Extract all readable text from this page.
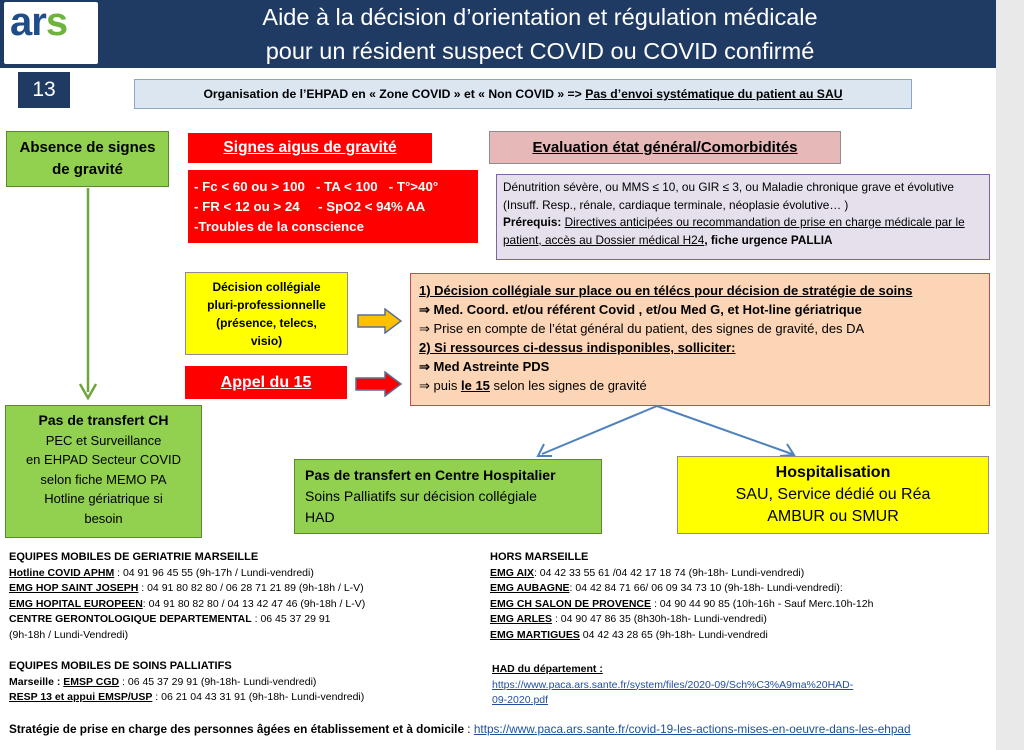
ars	Aide à la décision d’orientation et régulation médicale
pour un résident suspect COVID ou COVID confirmé
13	Organisation de l’EHPAD en « Zone COVID » et « Non COVID » => Pas d’envoi systématique du patient au SAU
Absence de signes
de gravité
Signes aigus de gravité
- Fc < 60 ou > 100   - TA < 100   - T°>40°
- FR < 12 ou > 24     - SpO2 < 94% AA
-Troubles de la conscience
Evaluation état général/Comorbidités
Dénutrition sévère, ou MMS ≤ 10, ou GIR ≤ 3, ou Maladie chronique grave et évolutive (Insuff. Resp., rénale, cardiaque terminale, néoplasie évolutive… )
Prérequis: Directives anticipées ou recommandation de prise en charge médicale par le patient, accès au Dossier médical H24, fiche urgence PALLIA
Décision collégiale
pluri-professionnelle
(présence, telecs,
visio)
Appel du 15
1) Décision collégiale sur place ou en télécs pour décision de stratégie de soins
⇒ Med. Coord. et/ou référent Covid , et/ou Med G, et Hot-line gériatrique
⇒ Prise en compte de l’état général du patient, des signes de gravité, des DA
2) Si ressources ci-dessus indisponibles, solliciter:
⇒ Med Astreinte PDS
⇒ puis le 15 selon les signes de gravité
Pas de transfert CH
PEC et Surveillance
en EHPAD Secteur COVID
selon fiche MEMO PA
Hotline gériatrique si
besoin
Pas de transfert en Centre Hospitalier
Soins Palliatifs sur décision collégiale
HAD
Hospitalisation
SAU, Service dédié ou Réa
AMBUR ou SMUR
EQUIPES MOBILES DE GERIATRIE MARSEILLE
Hotline COVID APHM : 04 91 96 45 55 (9h-17h / Lundi-vendredi)
EMG HOP SAINT JOSEPH : 04 91 80 82 80 / 06 28 71 21 89 (9h-18h / L-V)
EMG HOPITAL EUROPEEN: 04 91 80 82 80 / 04 13 42 47 46 (9h-18h / L-V)
CENTRE GERONTOLOGIQUE DEPARTEMENTAL : 06 45 37 29 91
(9h-18h / Lundi-Vendredi)
HORS MARSEILLE
EMG AIX: 04 42 33 55 61 /04 42 17 18 74 (9h-18h- Lundi-vendredi)
EMG AUBAGNE: 04 42 84 71 66/ 06 09 34 73 10 (9h-18h- Lundi-vendredi):
EMG CH SALON DE PROVENCE : 04 90 44 90 85 (10h-16h - Sauf Merc.10h-12h
EMG ARLES : 04 90 47 86 35 (8h30h-18h- Lundi-vendredi)
EMG MARTIGUES 04 42 43 28 65 (9h-18h- Lundi-vendredi
EQUIPES MOBILES DE SOINS PALLIATIFS
Marseille : EMSP CGD : 06 45 37 29 91 (9h-18h- Lundi-vendredi)
RESP 13 et appui EMSP/USP : 06 21 04 43 31 91 (9h-18h- Lundi-vendredi)
HAD du département :
https://www.paca.ars.sante.fr/system/files/2020-09/Sch%C3%A9ma%20HAD-
09-2020.pdf
Stratégie de prise en charge des personnes âgées en établissement et à domicile : https://www.paca.ars.sante.fr/covid-19-les-actions-mises-en-oeuvre-dans-les-ehpad
